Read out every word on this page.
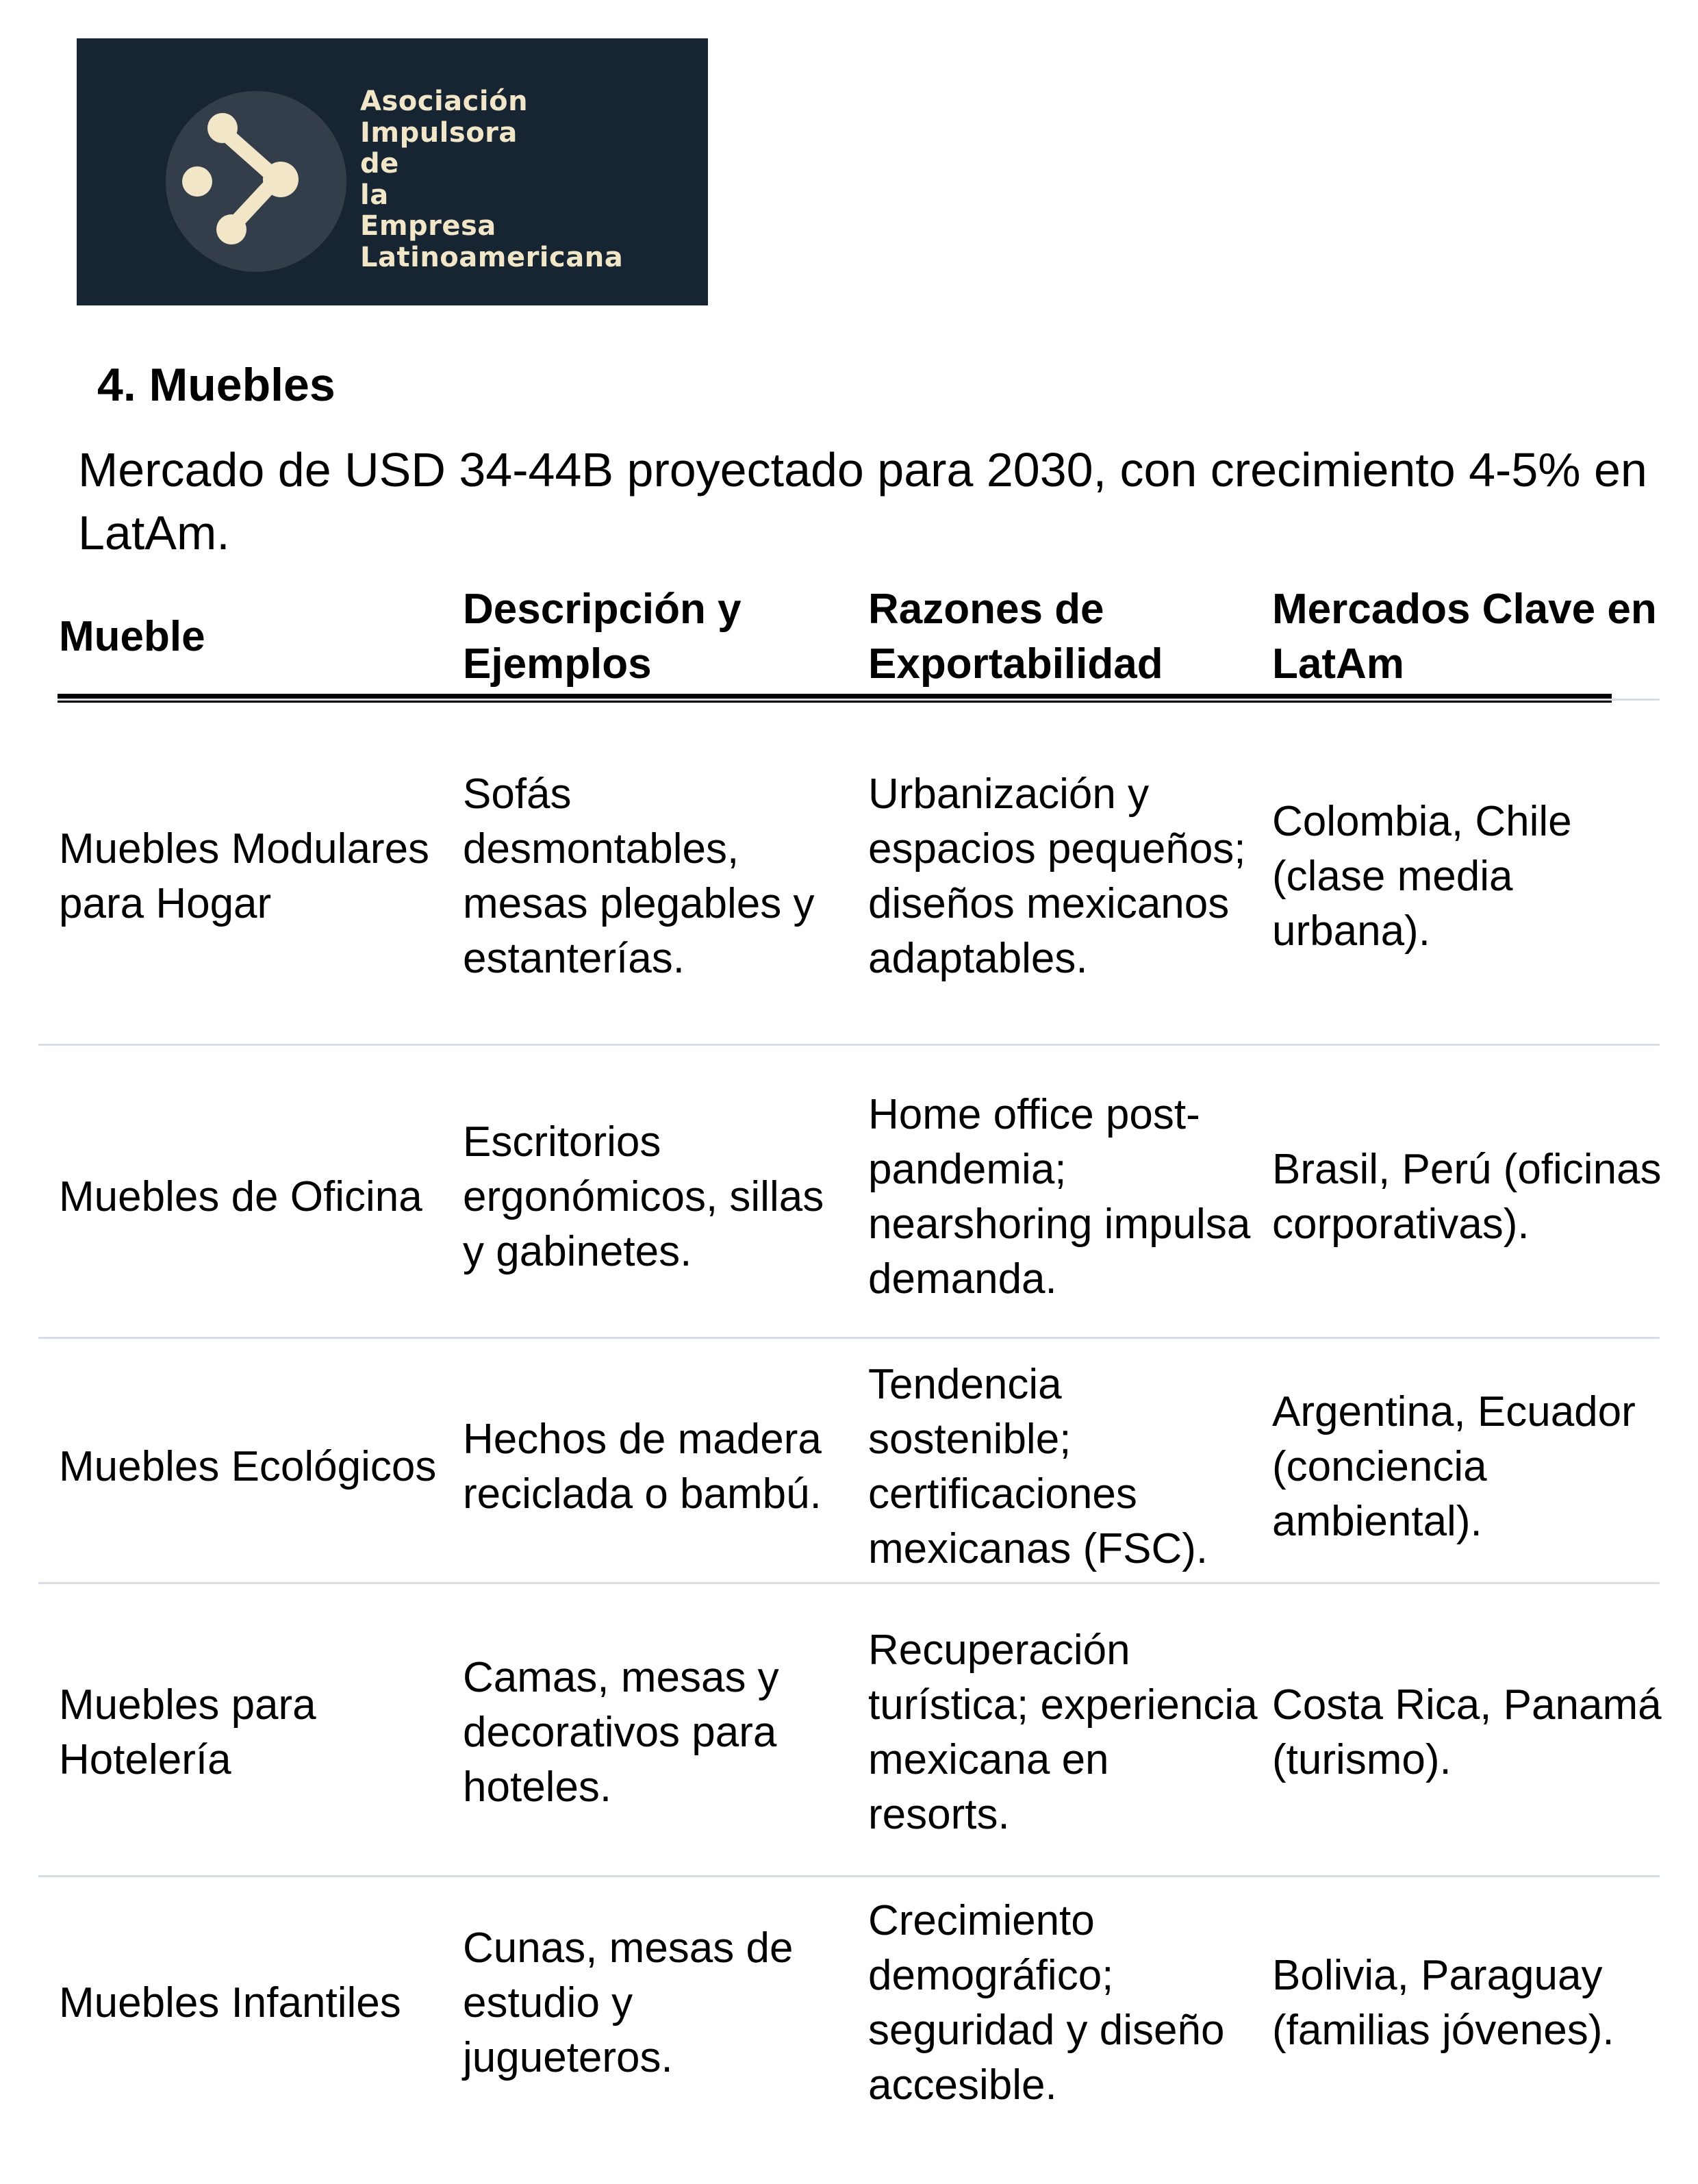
Asociación
Impulsora
de
la
Empresa
Latinoamericana
4. Muebles
Mercado de USD 34-44B proyectado para 2030, con crecimiento 4-5% en LatAm.
Mueble
Descripción y Ejemplos
Razones de Exportabilidad
Mercados Clave en LatAm
Muebles Modulares para Hogar
Sofás desmontables, mesas plegables y estanterías.
Urbanización y espacios pequeños; diseños mexicanos adaptables.
Colombia, Chile (clase media urbana).
Muebles de Oficina
Escritorios ergonómicos, sillas y gabinetes.
Home office post-pandemia; nearshoring impulsa demanda.
Brasil, Perú (oficinas corporativas).
Muebles Ecológicos
Hechos de madera reciclada o bambú.
Tendencia sostenible; certificaciones mexicanas (FSC).
Argentina, Ecuador (conciencia ambiental).
Muebles para Hotelería
Camas, mesas y decorativos para hoteles.
Recuperación turística; experiencia mexicana en resorts.
Costa Rica, Panamá (turismo).
Muebles Infantiles
Cunas, mesas de estudio y jugueteros.
Crecimiento demográfico; seguridad y diseño accesible.
Bolivia, Paraguay (familias jóvenes).
